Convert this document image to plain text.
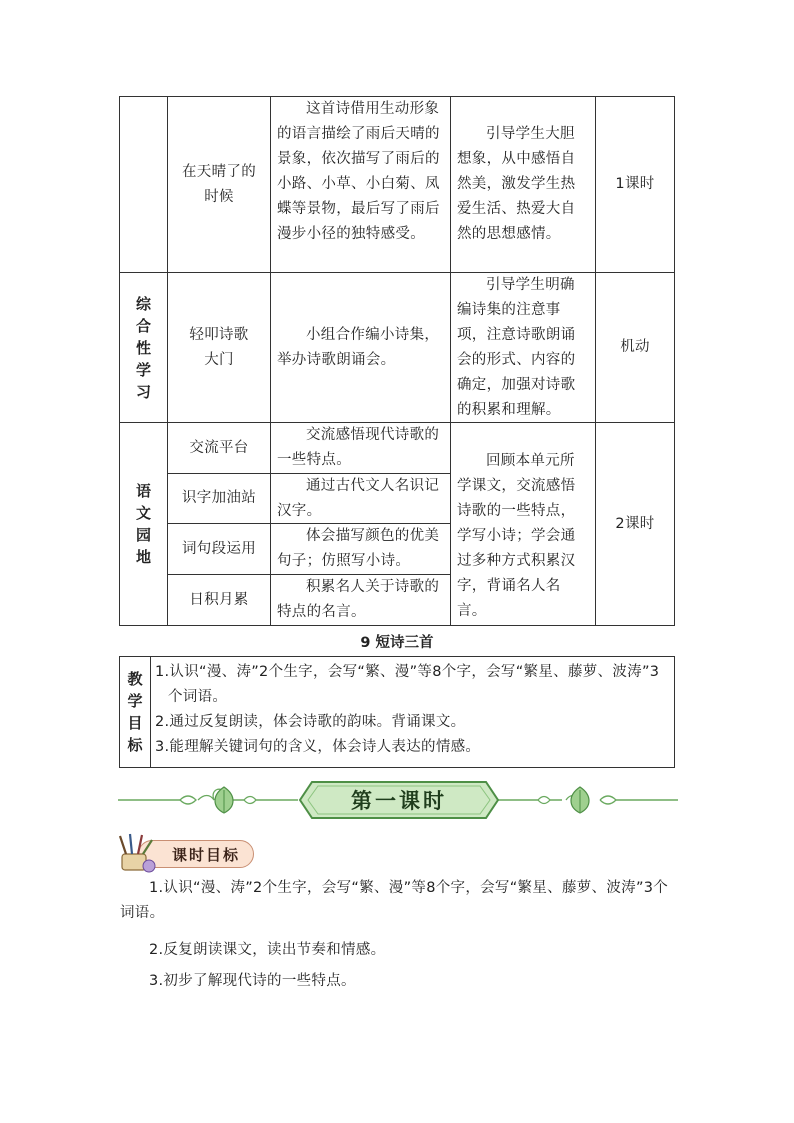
在天晴了的时候
这首诗借用生动形象的语言描绘了雨后天晴的景象，依次描写了雨后的小路、小草、小白菊、凤蝶等景物，最后写了雨后漫步小径的独特感受。
引导学生大胆想象，从中感悟自然美，激发学生热爱生活、热爱大自然的思想感情。
1课时
综合性学习
轻叩诗歌大门
小组合作编小诗集，举办诗歌朗诵会。
引导学生明确编诗集的注意事项，注意诗歌朗诵会的形式、内容的确定，加强对诗歌的积累和理解。
机动
语文园地
交流平台
交流感悟现代诗歌的一些特点。
识字加油站
通过古代文人名识记汉字。
词句段运用
体会描写颜色的优美句子；仿照写小诗。
日积月累
积累名人关于诗歌的特点的名言。
回顾本单元所学课文，交流感悟诗歌的一些特点，学写小诗；学会通过多种方式积累汉字，背诵名人名言。
2课时
9 短诗三首
教学目标
1.认识“漫、涛”2个生字，会写“繁、漫”等8个字，会写“繁星、藤萝、波涛”3个词语。
2.通过反复朗读，体会诗歌的韵味。背诵课文。
3.能理解关键词句的含义，体会诗人表达的情感。
第一课时
课时目标
1.认识“漫、涛”2个生字，会写“繁、漫”等8个字，会写“繁星、藤萝、波涛”3个词语。
2.反复朗读课文，读出节奏和情感。
3.初步了解现代诗的一些特点。
